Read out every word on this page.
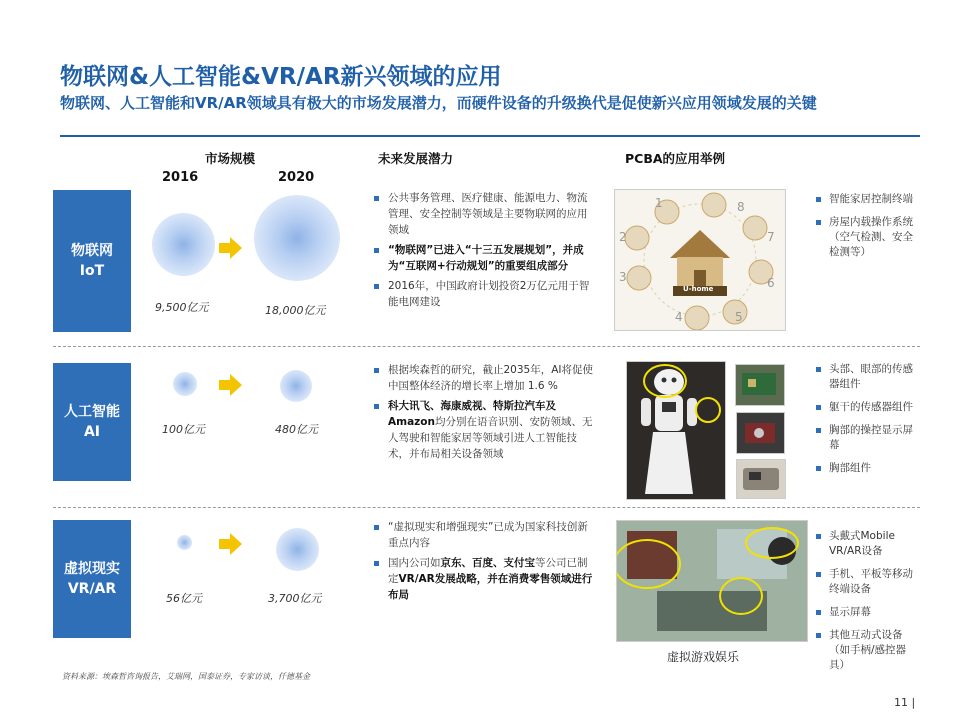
物联网&人工智能&VR/AR新兴领域的应用
物联网、人工智能和VR/AR领域具有极大的市场发展潜力，而硬件设备的升级换代是促使新兴应用领域发展的关键
市场规模	未来发展潜力	PCBA的应用举例
2016	2020
物联网
IoT
9,500亿元	18,000亿元
公共事务管理、医疗健康、能源电力、物流管理、安全控制等领域是主要物联网的应用领域
“物联网”已进入“十三五发展规划”，并成为“互联网+行动规划”的重要组成部分
2016年，中国政府计划投资2万亿元用于智能电网建设
U-home
1
2
3
4	5
6
7
8
智能家居控制终端
房屋内载操作系统（空气检测、安全检测等）
人工智能
AI	100亿元	480亿元
根据埃森哲的研究，截止2035年，AI将促使中国整体经济的增长率上增加 1.6 %
科大讯飞、海康威视、特斯拉汽车及Amazon均分别在语音识别、安防领域、无人驾驶和智能家居等领域引进人工智能技术，并布局相关设备领域
头部、眼部的传感器组件
躯干的传感器组件
胸部的操控显示屏幕
胸部组件
虚拟现实
VR/AR
56亿元	3,700亿元
“虚拟现实和增强现实”已成为国家科技创新重点内容
国内公司如京东、百度、支付宝等公司已制定VR/AR发展战略，并在消费零售领域进行布局
虚拟游戏娱乐
头戴式Mobile VR/AR设备
手机、平板等移动终端设备
显示屏幕
其他互动式设备（如手柄/感控器具）
资料来源：埃森哲咨询报告，艾瑞网，国泰证券，专家访谈，仟德基金
11 |
